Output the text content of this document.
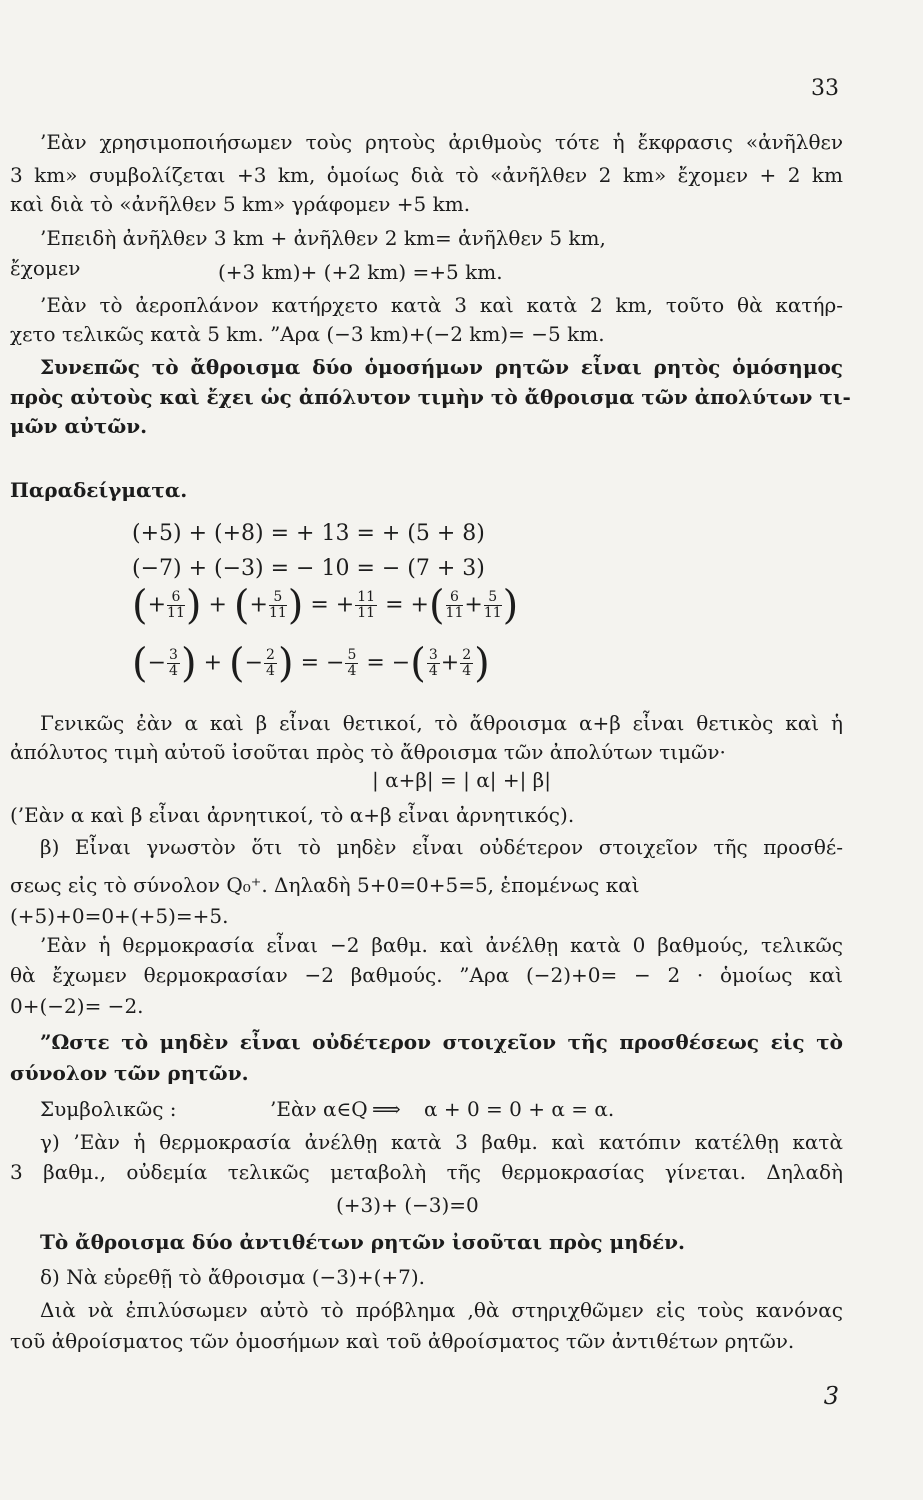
33
’Εὰν χρησιμοποιήσωμεν τοὺς ρητοὺς ἀριθμοὺς τότε ἡ ἔκφρασις «ἀνῆλθεν
3 km» συμβολίζεται +3 km, ὁμοίως διὰ τὸ «ἀνῆλθεν 2 km» ἔχομεν + 2 km
καὶ διὰ τὸ «ἀνῆλθεν 5 km» γράφομεν +5 km.
’Επειδὴ ἀνῆλθεν 3 km + ἀνῆλθεν 2 km= ἀνῆλθεν 5 km,
ἔχομεν	(+3 km)+ (+2 km) =+5 km.
’Εὰν τὸ ἀεροπλάνον κατήρχετο κατὰ 3 καὶ κατὰ 2 km, τοῦτο θὰ κατήρ-
χετο τελικῶς κατὰ 5 km. ”Αρα (−3 km)+(−2 km)= −5 km.
Συνεπῶς τὸ ἄθροισμα δύο ὁμοσήμων ρητῶν εἶναι ρητὸς ὁμόσημος
πρὸς αὐτοὺς καὶ ἔχει ὡς ἀπόλυτον τιμὴν τὸ ἄθροισμα τῶν ἀπολύτων τι-
μῶν αὐτῶν.
Παραδείγματα.
(+5) + (+8) = + 13 = + (5 + 8)
(−7) + (−3) = − 10 = − (7 + 3)
(+ $\frac{6}{11}$ ) + (+ $\frac{5}{11}$ ) = + $\frac{11}{11}$ = +( $\frac{6}{11} + \frac{5}{11}$ )
(− $\frac{3}{4}$ ) + (− $\frac{2}{4}$ ) = − $\frac{5}{4}$ = −( $\frac{3}{4} + \frac{2}{4}$ )
Γενικῶς ἐὰν α καὶ β εἶναι θετικοί, τὸ ἄθροισμα α+β εἶναι θετικὸς καὶ ἡ
ἀπόλυτος τιμὴ αὐτοῦ ἰσοῦται πρὸς τὸ ἄθροισμα τῶν ἀπολύτων τιμῶν·
| α+β| = | α| +| β|
(’Εὰν α καὶ β εἶναι ἀρνητικοί, τὸ α+β εἶναι ἀρνητικός).
β) Εἶναι γνωστὸν ὅτι τὸ μηδὲν εἶναι οὐδέτερον στοιχεῖον τῆς προσθέ-
σεως εἰς τὸ σύνολον Q₀⁺. Δηλαδὴ 5+0=0+5=5, ἑπομένως καὶ
(+5)+0=0+(+5)=+5.
’Εὰν ἡ θερμοκρασία εἶναι −2 βαθμ. καὶ ἀνέλθῃ κατὰ 0 βαθμούς, τελικῶς
θὰ ἔχωμεν θερμοκρασίαν −2 βαθμούς. ”Αρα (−2)+0= − 2 · ὁμοίως καὶ
0+(−2)= −2.
”Ωστε τὸ μηδὲν εἶναι οὐδέτερον στοιχεῖον τῆς προσθέσεως εἰς τὸ
σύνολον τῶν ρητῶν.
Συμβολικῶς :	’Εὰν α∈Q ⟹	α + 0 = 0 + α = α.
γ) ’Εὰν ἡ θερμοκρασία ἀνέλθῃ κατὰ 3 βαθμ. καὶ κατόπιν κατέλθῃ κατὰ
3 βαθμ., οὐδεμία τελικῶς μεταβολὴ τῆς θερμοκρασίας γίνεται. Δηλαδὴ
(+3)+ (−3)=0
Τὸ ἄθροισμα δύο ἀντιθέτων ρητῶν ἰσοῦται πρὸς μηδέν.
δ) Νὰ εὑρεθῇ τὸ ἄθροισμα (−3)+(+7).
Διὰ νὰ ἐπιλύσωμεν αὐτὸ τὸ πρόβλημα ,θὰ στηριχθῶμεν εἰς τοὺς κανόνας
τοῦ ἀθροίσματος τῶν ὁμοσήμων καὶ τοῦ ἀθροίσματος τῶν ἀντιθέτων ρητῶν.
3
